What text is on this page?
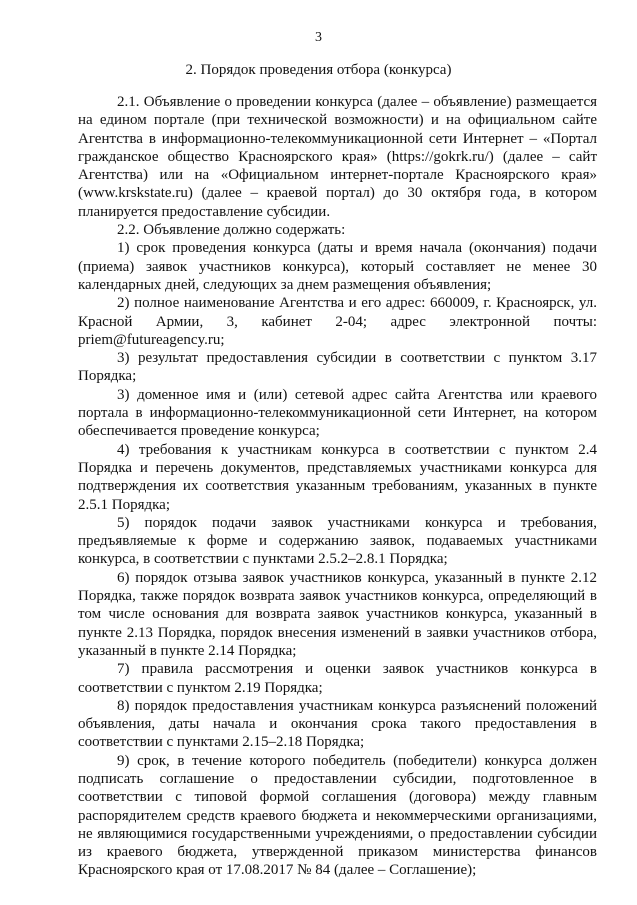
3
2. Порядок проведения отбора (конкурса)

2.1. Объявление о проведении конкурса (далее – объявление) размещается на едином портале (при технической возможности) и на официальном сайте Агентства в информационно-телекоммуникационной сети Интернет – «Портал гражданское общество Красноярского края» (https://gokrk.ru/) (далее – сайт Агентства) или на «Официальном интернет-портале Красноярского края» (www.krskstate.ru) (далее – краевой портал) до 30 октября года, в котором планируется предоставление субсидии.

2.2. Объявление должно содержать:

1) срок проведения конкурса (даты и время начала (окончания) подачи (приема) заявок участников конкурса), который составляет не менее 30 календарных дней, следующих за днем размещения объявления;

2) полное наименование Агентства и его адрес: 660009, г. Красноярск, ул. Красной Армии, 3, кабинет 2-04; адрес электронной почты: priem@futureagency.ru;

3) результат предоставления субсидии в соответствии с пунктом 3.17 Порядка;

3) доменное имя и (или) сетевой адрес сайта Агентства или краевого портала в информационно-телекоммуникационной сети Интернет, на котором обеспечивается проведение конкурса;

4) требования к участникам конкурса в соответствии с пунктом 2.4 Порядка и перечень документов, представляемых участниками конкурса для подтверждения их соответствия указанным требованиям, указанных в пункте 2.5.1 Порядка;

5) порядок подачи заявок участниками конкурса и требования, предъявляемые к форме и содержанию заявок, подаваемых участниками конкурса, в соответствии с пунктами 2.5.2–2.8.1 Порядка;

6) порядок отзыва заявок участников конкурса, указанный в пункте 2.12 Порядка, также порядок возврата заявок участников конкурса, определяющий в том числе основания для возврата заявок участников конкурса, указанный в пункте 2.13 Порядка, порядок внесения изменений в заявки участников отбора, указанный в пункте 2.14 Порядка;

7) правила рассмотрения и оценки заявок участников конкурса в соответствии с пунктом 2.19 Порядка;

8) порядок предоставления участникам конкурса разъяснений положений объявления, даты начала и окончания срока такого предоставления в соответствии с пунктами 2.15–2.18 Порядка;

9) срок, в течение которого победитель (победители) конкурса должен подписать соглашение о предоставлении субсидии, подготовленное в соответствии с типовой формой соглашения (договора) между главным распорядителем средств краевого бюджета и некоммерческими организациями, не являющимися государственными учреждениями, о предоставлении субсидии из краевого бюджета, утвержденной приказом министерства финансов Красноярского края от 17.08.2017 № 84 (далее – Соглашение);
